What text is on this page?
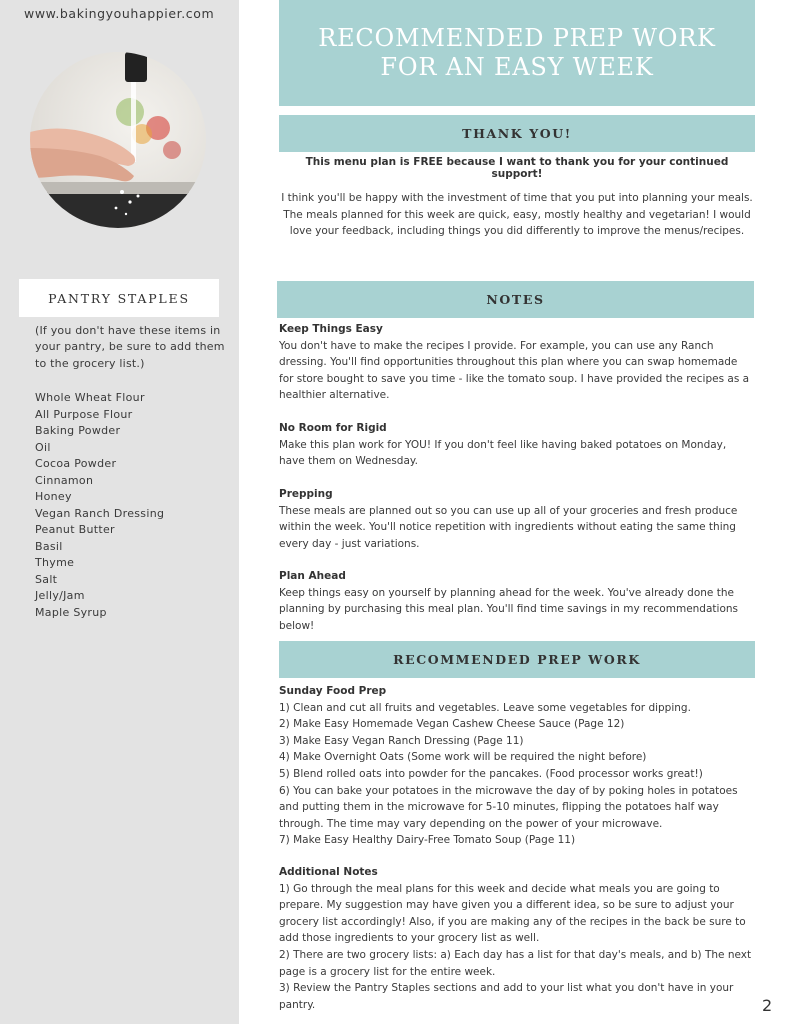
www.bakingyouhappier.com
PANTRY STAPLES
(If you don't have these items in your pantry, be sure to add them to the grocery list.)
Whole Wheat Flour
All Purpose Flour
Baking Powder
Oil
Cocoa Powder
Cinnamon
Honey
Vegan Ranch Dressing
Peanut Butter
Basil
Thyme
Salt
Jelly/Jam
Maple Syrup
RECOMMENDED PREP WORK
FOR AN EASY WEEK
THANK YOU!
This menu plan is FREE because I want to thank you for your continued support!
I think you'll be happy with the investment of time that you put into planning your meals. The meals planned for this week are quick, easy, mostly healthy and vegetarian! I would love your feedback, including things you did differently to improve the menus/recipes.
NOTES
Keep Things Easy
You don't have to make the recipes I provide. For example, you can use any Ranch dressing. You'll find opportunities throughout this plan where you can swap homemade for store bought to save you time - like the tomato soup. I have provided the recipes as a healthier alternative.
No Room for Rigid
Make this plan work for YOU! If you don't feel like having baked potatoes on Monday, have them on Wednesday.
Prepping
These meals are planned out so you can use up all of your groceries and fresh produce within the week. You'll notice repetition with ingredients without eating the same thing every day - just variations.
Plan Ahead
Keep things easy on yourself by planning ahead for the week. You've already done the planning by purchasing this meal plan. You'll find time savings in my recommendations below!
RECOMMENDED PREP WORK
Sunday Food Prep
1) Clean and cut all fruits and vegetables. Leave some vegetables for dipping.
2) Make Easy Homemade Vegan Cashew Cheese Sauce (Page 12)
3) Make Easy Vegan Ranch Dressing (Page 11)
4) Make Overnight Oats (Some work will be required the night before)
5) Blend rolled oats into powder for the pancakes. (Food processor works great!)
6) You can bake your potatoes in the microwave the day of by poking holes in potatoes and putting them in the microwave for 5-10 minutes, flipping the potatoes half way through. The time may vary depending on the power of your microwave.
7) Make Easy Healthy Dairy-Free Tomato Soup (Page 11)
Additional Notes
1) Go through the meal plans for this week and decide what meals you are going to prepare. My suggestion may have given you a different idea, so be sure to adjust your grocery list accordingly! Also, if you are making any of the recipes in the back be sure to add those ingredients to your grocery list as well.
2) There are two grocery lists: a) Each day has a list for that day's meals, and b) The next page is a grocery list for the entire week.
3) Review the Pantry Staples sections and add to your list what you don't have in your pantry.	2
